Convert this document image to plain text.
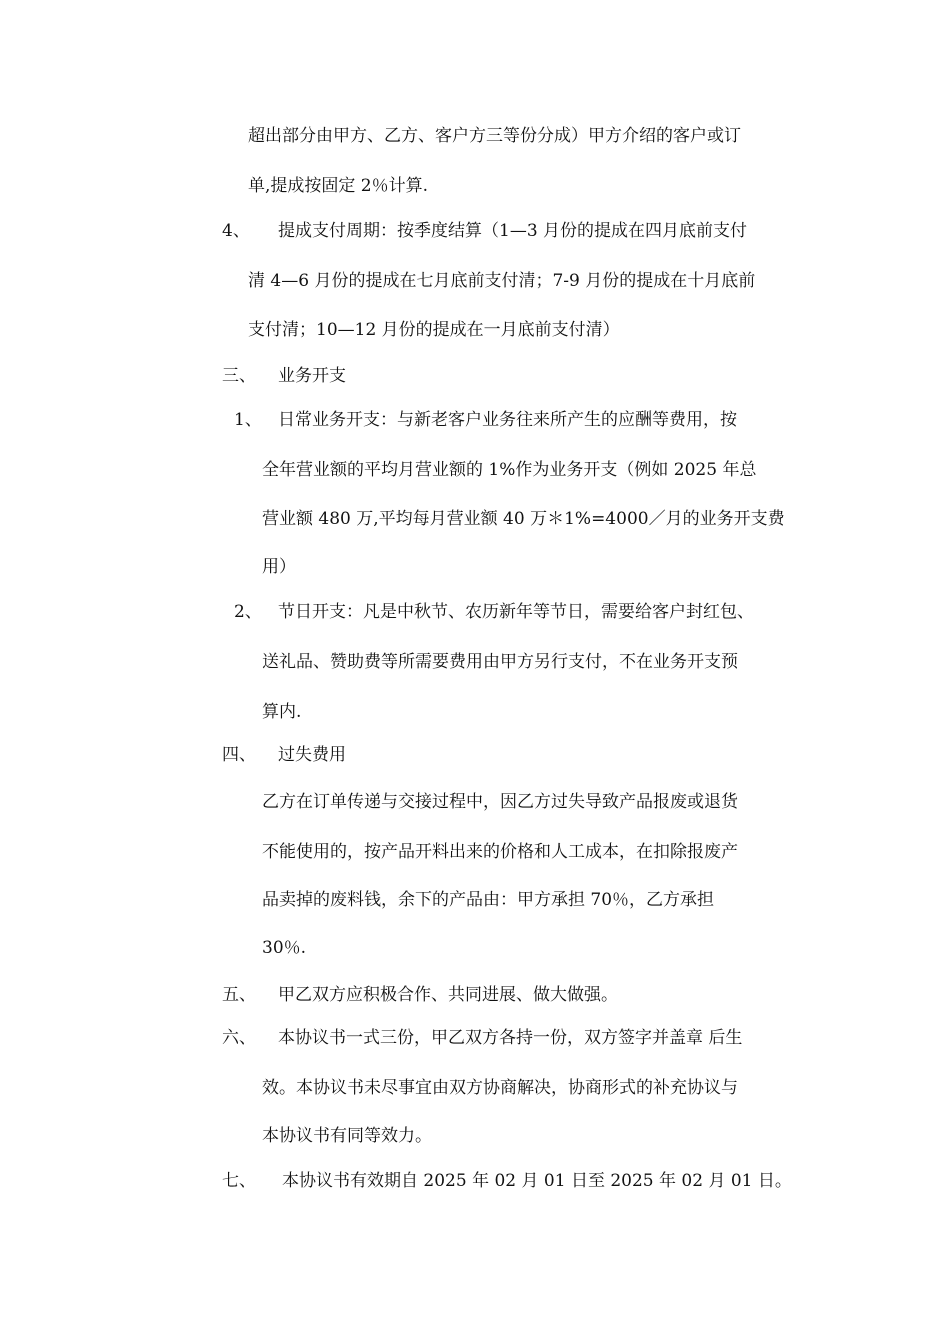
超出部分由甲方、乙方、客户方三等份分成）甲方介绍的客户或订
单,提成按固定 2％计算.
4、 提成支付周期：按季度结算（1—3 月份的提成在四月底前支付
清 4—6 月份的提成在七月底前支付清；7-9 月份的提成在十月底前
支付清；10—12 月份的提成在一月底前支付清）
三、 业务开支
1、 日常业务开支：与新老客户业务往来所产生的应酬等费用，按
全年营业额的平均月营业额的 1%作为业务开支（例如 2025 年总
营业额 480 万,平均每月营业额 40 万＊1%=4000／月的业务开支费
用）
2、 节日开支：凡是中秋节、农历新年等节日，需要给客户封红包、
送礼品、赞助费等所需要费用由甲方另行支付，不在业务开支预
算内.
四、 过失费用
乙方在订单传递与交接过程中，因乙方过失导致产品报废或退货
不能使用的，按产品开料出来的价格和人工成本，在扣除报废产
品卖掉的废料钱，余下的产品由：甲方承担 70％，乙方承担
30％.
五、 甲乙双方应积极合作、共同进展、做大做强。
六、 本协议书一式三份，甲乙双方各持一份，双方签字并盖章 后生
效。本协议书未尽事宜由双方协商解决，协商形式的补充协议与
本协议书有同等效力。
七、 本协议书有效期自 2025 年 02 月 01 日至 2025 年 02 月 01 日。
